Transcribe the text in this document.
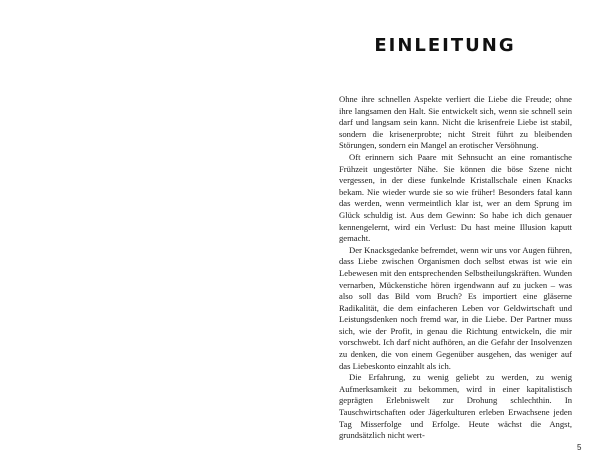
EINLEITUNG

Ohne ihre schnellen Aspekte verliert die Liebe die Freude; ohne ihre langsamen den Halt. Sie entwickelt sich, wenn sie schnell sein darf und langsam sein kann. Nicht die krisenfreie Liebe ist stabil, sondern die krisenerprobte; nicht Streit führt zu bleibenden Störungen, sondern ein Mangel an erotischer Versöhnung.

Oft erinnern sich Paare mit Sehnsucht an eine romantische Frühzeit ungestörter Nähe. Sie können die böse Szene nicht vergessen, in der diese funkelnde Kristallschale einen Knacks bekam. Nie wieder wurde sie so wie früher! Besonders fatal kann das werden, wenn vermeintlich klar ist, wer an dem Sprung im Glück schuldig ist. Aus dem Gewinn: So habe ich dich genauer kennengelernt, wird ein Verlust: Du hast meine Illusion kaputt gemacht.

Der Knacksgedanke befremdet, wenn wir uns vor Augen führen, dass Liebe zwischen Organismen doch selbst etwas ist wie ein Lebewesen mit den entsprechenden Selbstheilungskräften. Wunden vernarben, Mückenstiche hören irgendwann auf zu jucken – was also soll das Bild vom Bruch? Es importiert eine gläserne Radikalität, die dem einfacheren Leben vor Geldwirtschaft und Leistungsdenken noch fremd war, in die Liebe. Der Partner muss sich, wie der Profit, in genau die Richtung entwickeln, die mir vorschwebt. Ich darf nicht aufhören, an die Gefahr der Insolvenzen zu denken, die von einem Gegenüber ausgehen, das weniger auf das Liebeskonto einzahlt als ich.

Die Erfahrung, zu wenig geliebt zu werden, zu wenig Aufmerksamkeit zu bekommen, wird in einer kapitalistisch geprägten Erlebniswelt zur Drohung schlechthin. In Tauschwirtschaften oder Jägerkulturen erleben Erwachsene jeden Tag Misserfolge und Erfolge. Heute wächst die Angst, grundsätzlich nicht wert-

5
